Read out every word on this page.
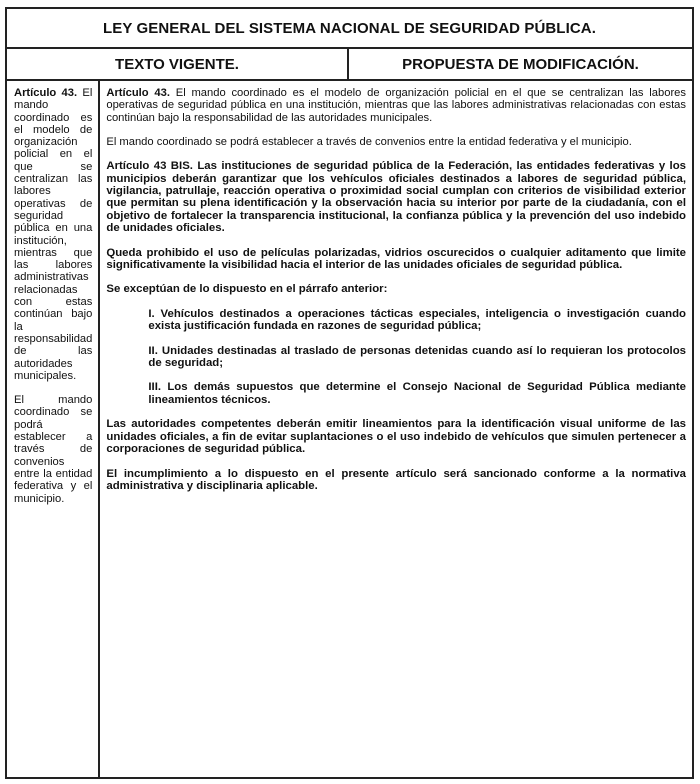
LEY GENERAL DEL SISTEMA NACIONAL DE SEGURIDAD PÚBLICA.
TEXTO VIGENTE.	PROPUESTA DE MODIFICACIÓN.

Artículo 43. El mando coordinado es el modelo de organización policial en el que se centralizan las labores operativas de seguridad pública en una institución, mientras que las labores administrativas relacionadas con estas continúan bajo la responsabilidad de las autoridades municipales.

El mando coordinado se podrá establecer a través de convenios entre la entidad federativa y el municipio.

Artículo 43. El mando coordinado es el modelo de organización policial en el que se centralizan las labores operativas de seguridad pública en una institución, mientras que las labores administrativas relacionadas con estas continúan bajo la responsabilidad de las autoridades municipales.

El mando coordinado se podrá establecer a través de convenios entre la entidad federativa y el municipio.

Artículo 43 BIS. Las instituciones de seguridad pública de la Federación, las entidades federativas y los municipios deberán garantizar que los vehículos oficiales destinados a labores de seguridad pública, vigilancia, patrullaje, reacción operativa o proximidad social cumplan con criterios de visibilidad exterior que permitan su plena identificación y la observación hacia su interior por parte de la ciudadanía, con el objetivo de fortalecer la transparencia institucional, la confianza pública y la prevención del uso indebido de unidades oficiales.

Queda prohibido el uso de películas polarizadas, vidrios oscurecidos o cualquier aditamento que limite significativamente la visibilidad hacia el interior de las unidades oficiales de seguridad pública.

Se exceptúan de lo dispuesto en el párrafo anterior:

I. Vehículos destinados a operaciones tácticas especiales, inteligencia o investigación cuando exista justificación fundada en razones de seguridad pública;

II. Unidades destinadas al traslado de personas detenidas cuando así lo requieran los protocolos de seguridad;

III. Los demás supuestos que determine el Consejo Nacional de Seguridad Pública mediante lineamientos técnicos.

Las autoridades competentes deberán emitir lineamientos para la identificación visual uniforme de las unidades oficiales, a fin de evitar suplantaciones o el uso indebido de vehículos que simulen pertenecer a corporaciones de seguridad pública.

El incumplimiento a lo dispuesto en el presente artículo será sancionado conforme a la normativa administrativa y disciplinaria aplicable.
